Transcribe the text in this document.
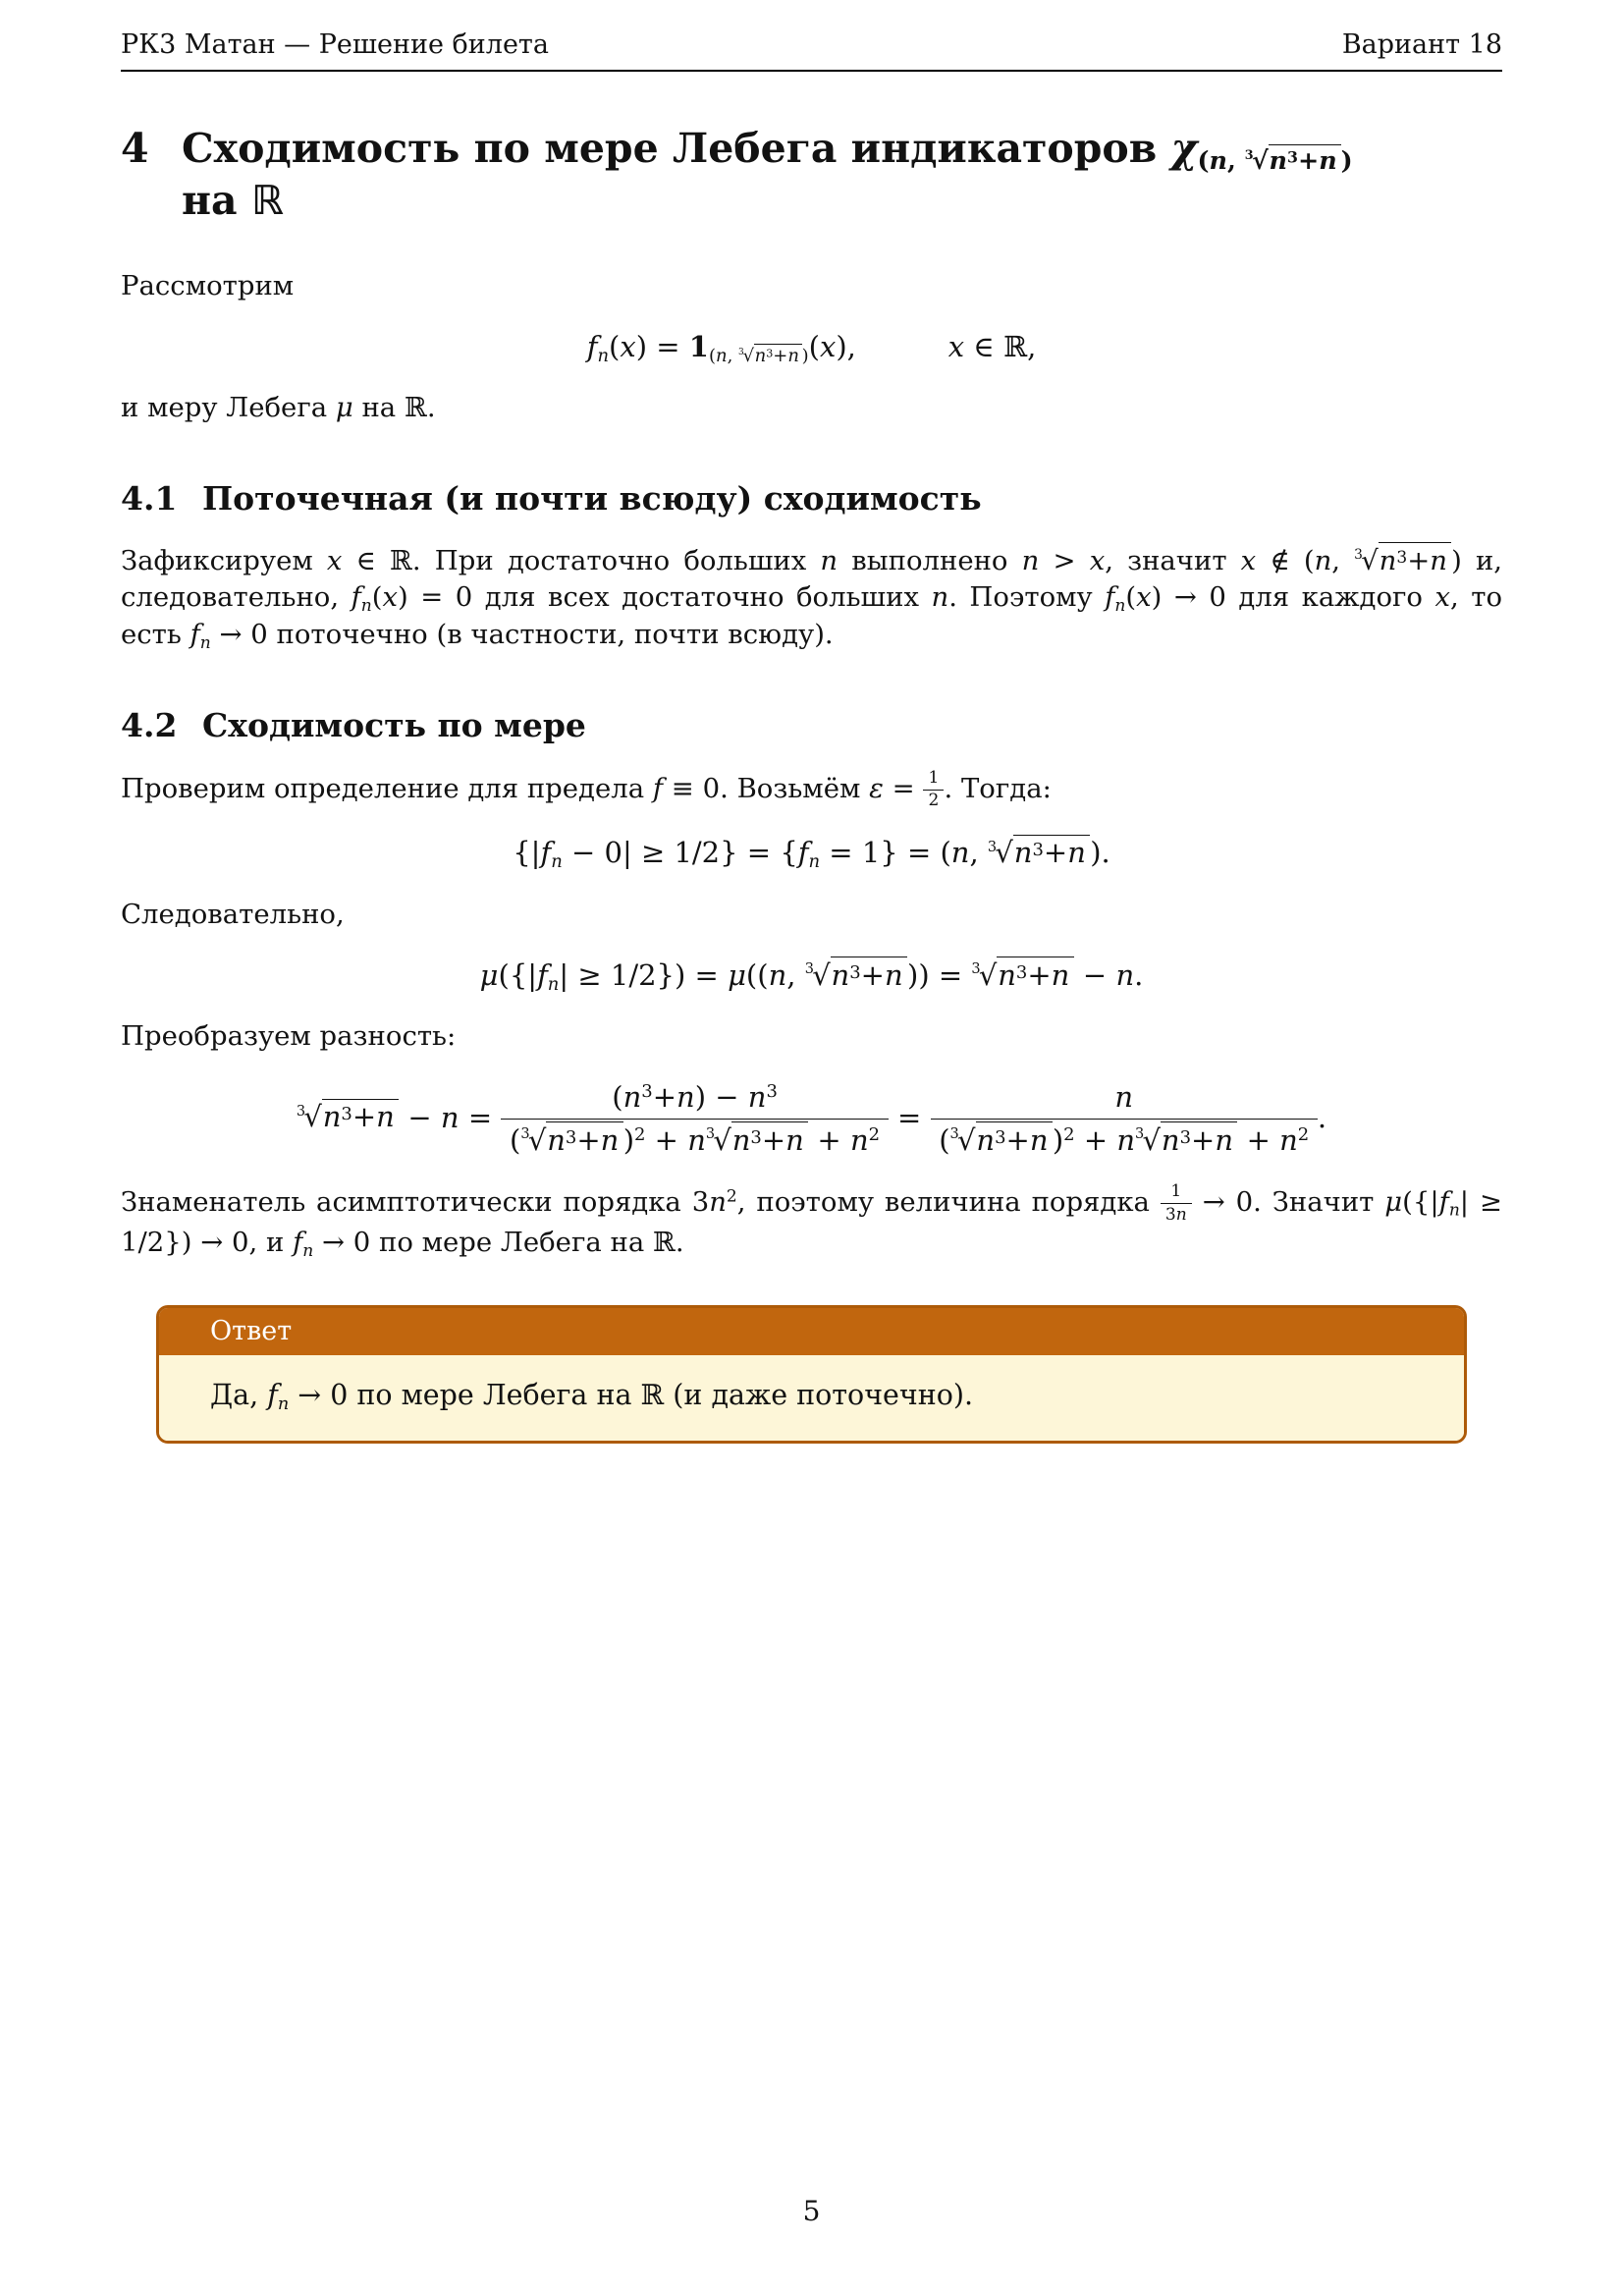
РК3 Матан — Решение билета	Вариант 18
4 Сходимость по мере Лебега индикаторов $\chi_{(n, ^3√n^3+n )}$
на ℝ

Рассмотрим

$f_n(x) = 1_{(n, ^3√n^3+n )}(x)$,	x ∈ ℝ,

и меру Лебега μ на ℝ.

4.1 Поточечная (и почти всюду) сходимость

Зафиксируем x ∈ ℝ. При достаточно больших n выполнено n > x, значит x ∉ (n, $^3√n^3+n$ ) и, следовательно, $f_n(x) = 0$ для всех достаточно больших n. Поэтому $f_n(x) \to 0$ для каждого x, то есть $f_n \to 0$ поточечно (в частности, почти всюду).

4.2 Сходимость по мере

Проверим определение для предела f ≡ 0. Возьмём $\varepsilon = \frac{1}{2}$ . Тогда:

$\{|f_n - 0| \ge 1/2\} = \{f_n = 1\} = (n$, $^3√n^3+n$ ).

Следовательно,

$\mu(\{|f_n| \ge 1/2\}) = \mu((n$, $^3√n^3+n$ )) = $^3√n^3+n - n$.

Преобразуем разность:

$^3√n^3+n - n = \frac{(n^3+n) - n^3}{(^3√n^3+n )^2 + n^3√n^3+n + n^2} = \frac{n}{(^3√n^3+n )^2 + n^3√n^3+n + n^2}$ .

Знаменатель асимптотически порядка $3n^2$, поэтому величина порядка $\frac{1}{3n} \to 0$. Значит $\mu(\{|f_n| \ge 1/2\}) \to 0$, и $f_n \to 0$ по мере Лебега на ℝ.

Ответ
Да, $f_n \to 0$ по мере Лебега на ℝ (и даже поточечно).
5
